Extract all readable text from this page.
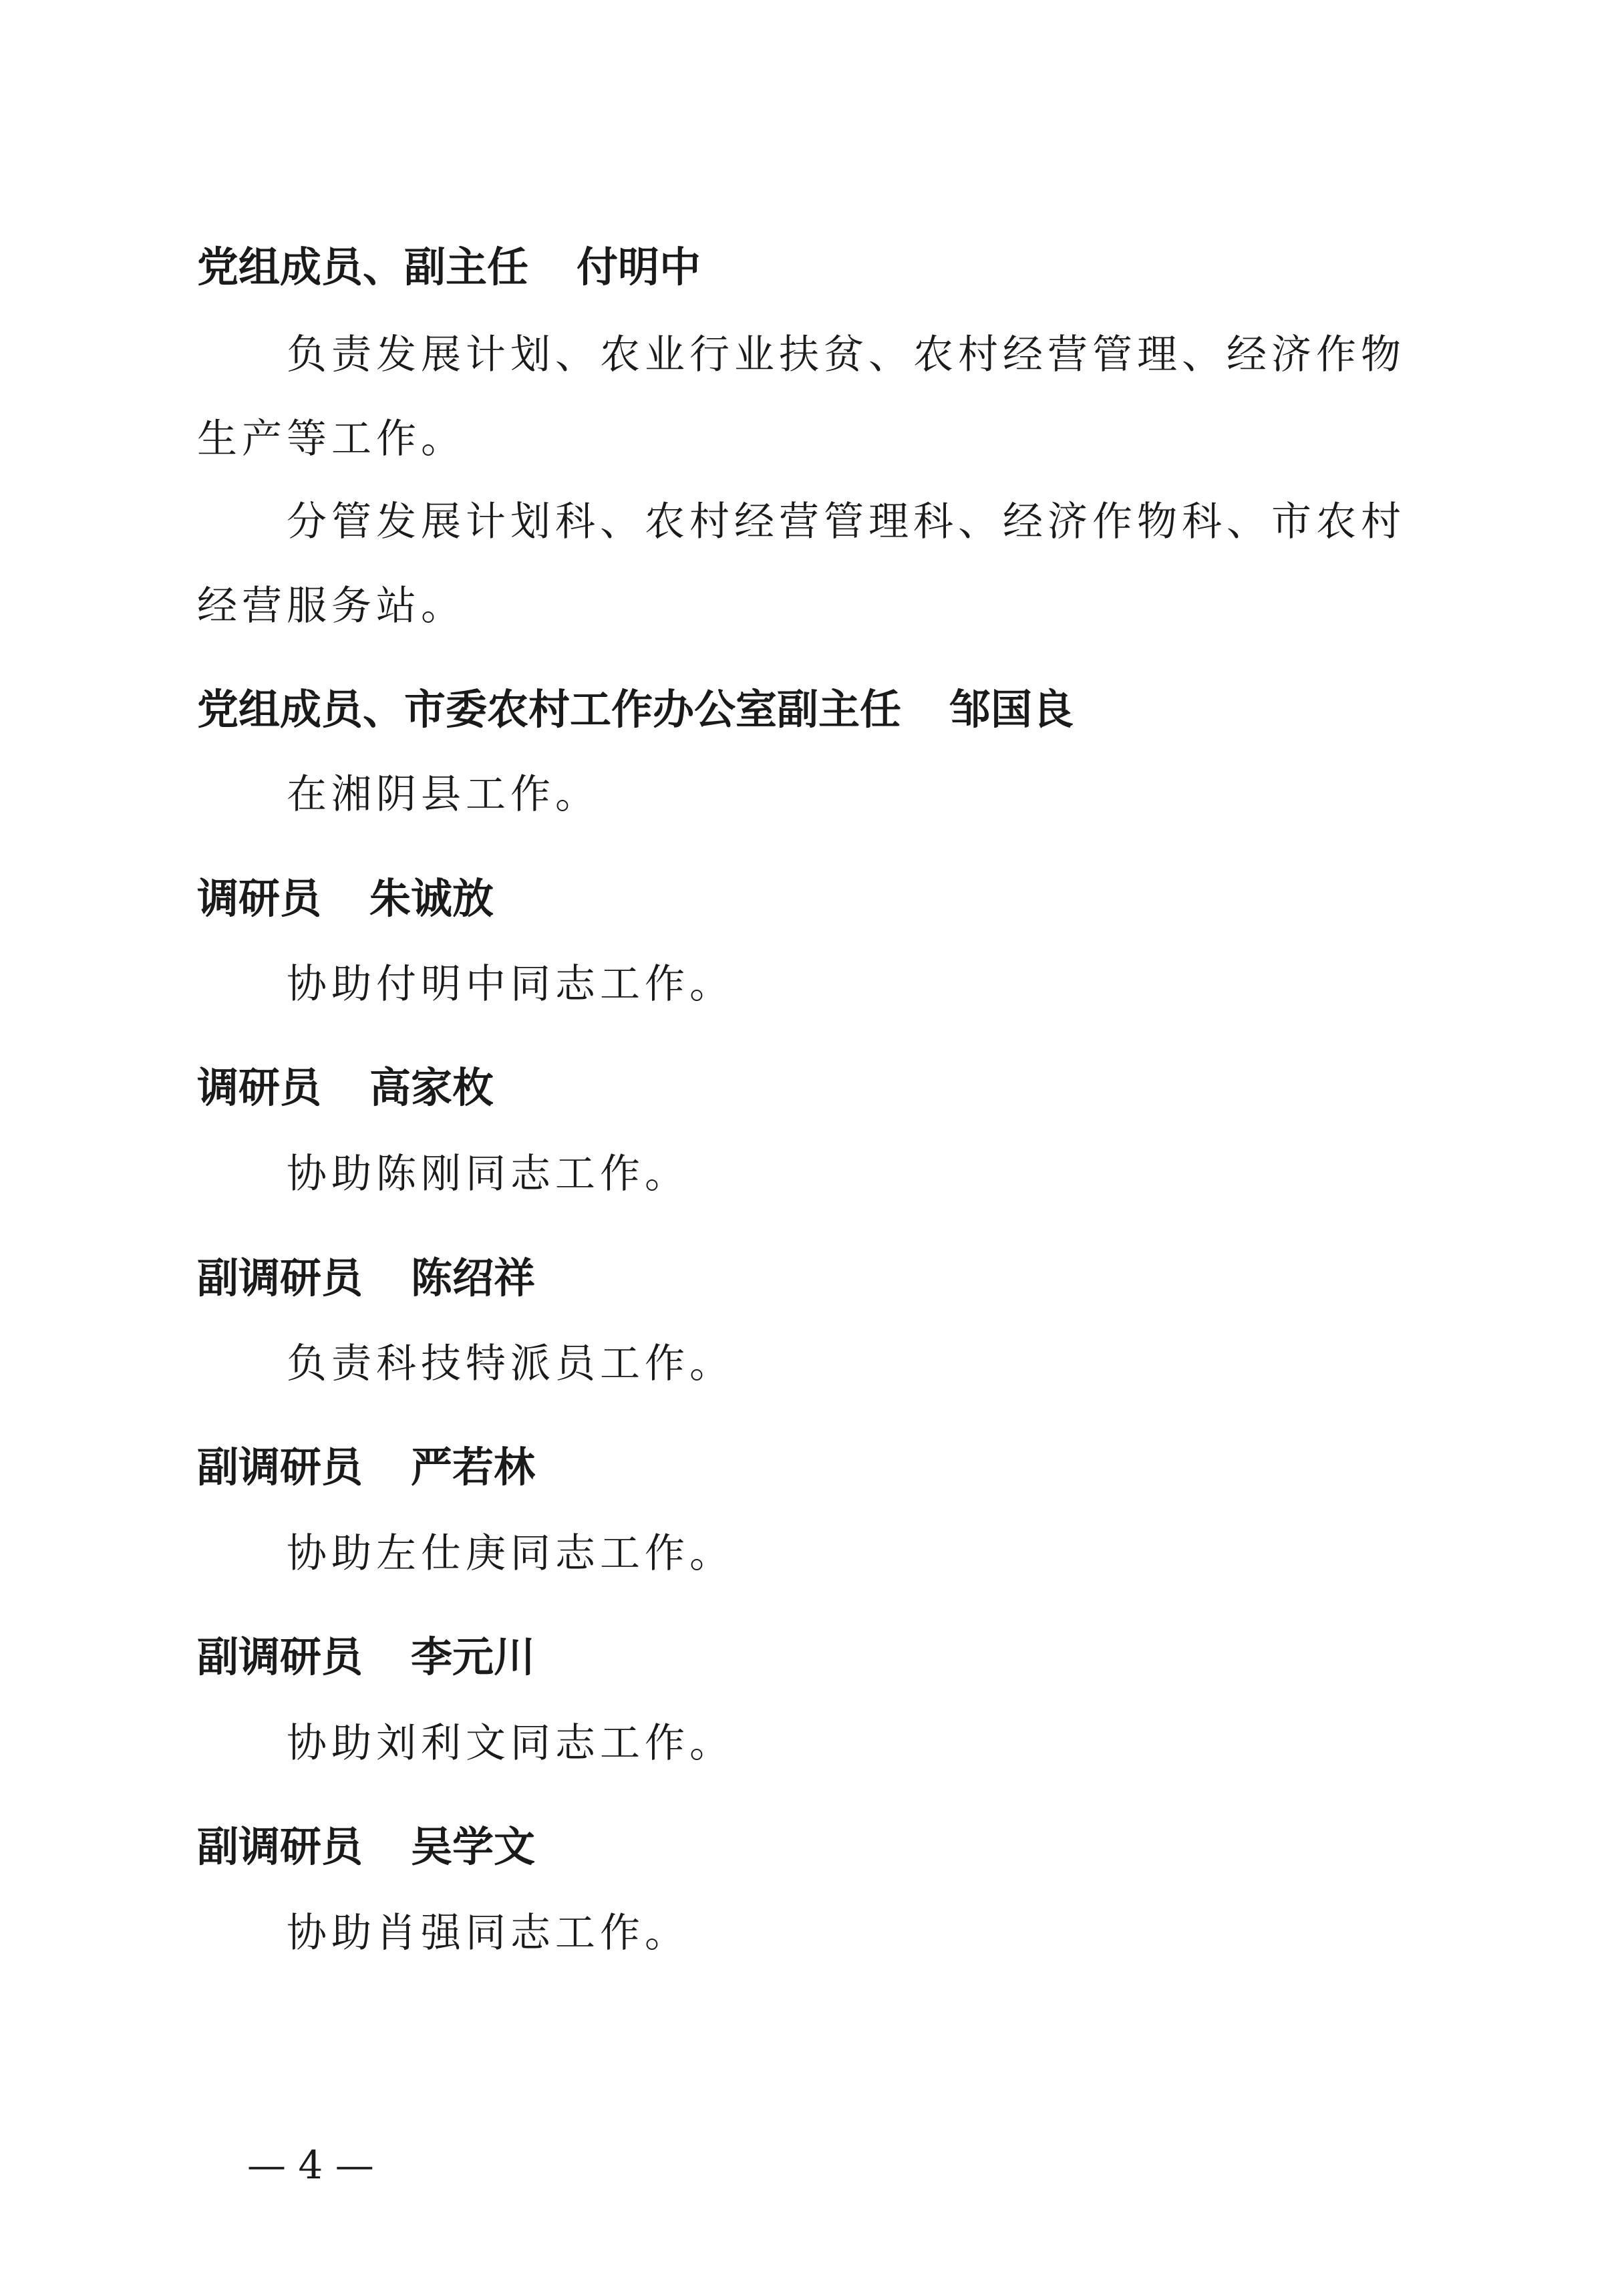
党组成员、副主任 付明中

负责发展计划、农业行业扶贫、农村经营管理、经济作物生产等工作。

分管发展计划科、农村经营管理科、经济作物科、市农村经营服务站。

党组成员、市委农村工作办公室副主任 邹国良

在湘阴县工作。

调研员 朱诚放

协助付明中同志工作。

调研员 高家枚

协助陈刚同志工作。

副调研员 陈绍祥

负责科技特派员工作。

副调研员 严若林

协助左仕庚同志工作。

副调研员 李元川

协助刘利文同志工作。

副调研员 吴学文

协助肖强同志工作。

— 4 —
